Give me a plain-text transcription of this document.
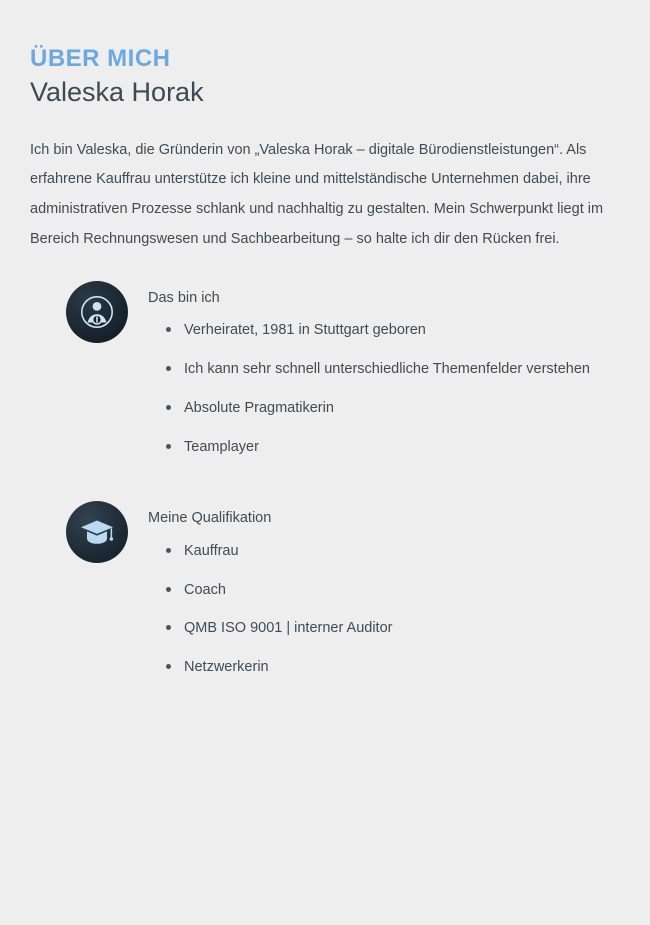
ÜBER MICH
Valeska Horak

Ich bin Valeska, die Gründerin von „Valeska Horak – digitale Bürodienstleistungen“. Als erfahrene Kauffrau unterstütze ich kleine und mittelständische Unternehmen dabei, ihre administrativen Prozesse schlank und nachhaltig zu gestalten. Mein Schwerpunkt liegt im Bereich Rechnungswesen und Sachbearbeitung – so halte ich dir den Rücken frei.

Das bin ich

Verheiratet, 1981 in Stuttgart geboren
Ich kann sehr schnell unterschiedliche Themenfelder verstehen
Absolute Pragmatikerin
Teamplayer

Meine Qualifikation

Kauffrau
Coach
QMB ISO 9001 | interner Auditor
Netzwerkerin
